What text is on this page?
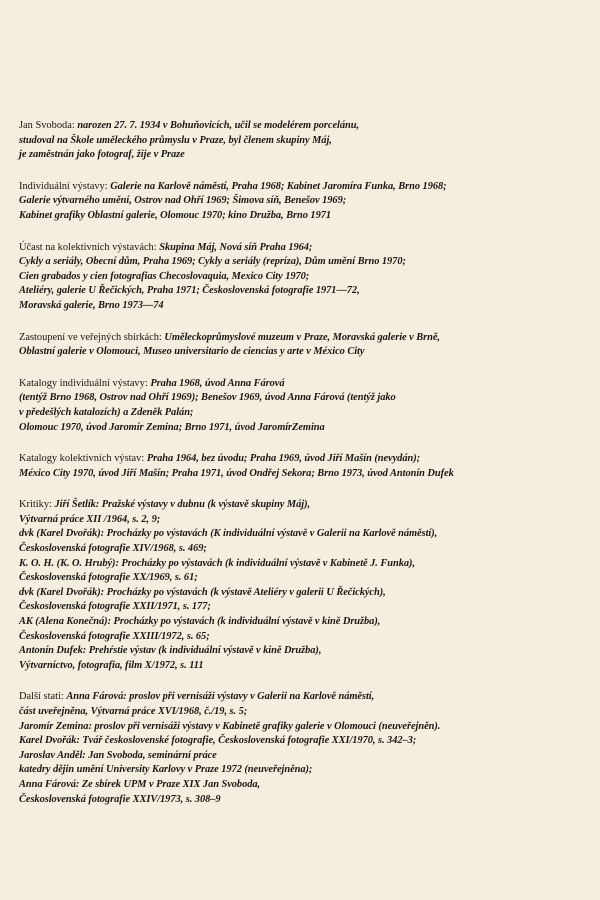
Jan Svoboda: narozen 27. 7. 1934 v Bohuňovicích, učil se modelérem porcelánu,
studoval na Škole uměleckého průmyslu v Praze, byl členem skupiny Máj,
je zaměstnán jako fotograf, žije v Praze
Individuální výstavy: Galerie na Karlově náměstí, Praha 1968; Kabinet Jaromíra Funka, Brno 1968;
Galerie výtvarného umění, Ostrov nad Ohří 1969; Šimova síň, Benešov 1969;
Kabinet grafiky Oblastní galerie, Olomouc 1970; kino Družba, Brno 1971
Účast na kolektivních výstavách: Skupina Máj, Nová síň Praha 1964;
Cykly a seriály, Obecní dům, Praha 1969; Cykly a seriály (repríza), Dům umění Brno 1970;
Cien grabados y cien fotografias Checoslovaquia, Mexico City 1970;
Ateliéry, galerie U Řečických, Praha 1971; Československá fotografie 1971—72,
Moravská galerie, Brno 1973—74
Zastoupení ve veřejných sbírkách: Uměleckoprůmyslové muzeum v Praze, Moravská galerie v Brně,
Oblastní galerie v Olomouci, Museo universitario de ciencias y arte v México City
Katalogy individuální výstavy: Praha 1968, úvod Anna Fárová
(tentýž Brno 1968, Ostrov nad Ohří 1969); Benešov 1969, úvod Anna Fárová (tentýž jako
v předešlých katalozích) a Zdeněk Palán;
Olomouc 1970, úvod Jaromír Zemina; Brno 1971, úvod JaromírZemina
Katalogy kolektivních výstav: Praha 1964, bez úvodu; Praha 1969, úvod Jiří Mašín (nevydán);
México City 1970, úvod Jiří Mašín; Praha 1971, úvod Ondřej Sekora; Brno 1973, úvod Antonín Dufek
Kritiky: Jiří Šetlík: Pražské výstavy v dubnu (k výstavě skupiny Máj),
Výtvarná práce XII /1964, s. 2, 9;
dvk (Karel Dvořák): Procházky po výstavách (K individuální výstavě v Galerii na Karlově náměstí),
Československá fotografie XIV/1968, s. 469;
K. O. H. (K. O. Hrubý): Procházky po výstavách (k individuální výstavě v Kabinetě J. Funka),
Československá fotografie XX/1969, s. 61;
dvk (Karel Dvořák): Procházky po výstavách (k výstavě Ateliéry v galerii U Řečických),
Československá fotografie XXII/1971, s. 177;
AK (Alena Konečná): Procházky po výstavách (k individuální výstavě v kině Družba),
Československá fotografie XXIII/1972, s. 65;
Antonín Dufek: Prehŕstie výstav (k individuální výstavě v kině Družba),
Výtvarníctvo, fotografia, film X/1972, s. 111
Další stati: Anna Fárová: proslov při vernisáži výstavy v Galerii na Karlově náměstí,
část uveřejněna, Výtvarná práce XVI/1968, č./19, s. 5;
Jaromír Zemina: proslov při vernisáži výstavy v Kabinetě grafiky galerie v Olomouci (neuveřejněn).
Karel Dvořák: Tvář československé fotografie, Československá fotografie XXI/1970, s. 342–3;
Jaroslav Anděl: Jan Svoboda, seminární práce
katedry dějin umění University Karlovy v Praze 1972 (neuveřejněna);
Anna Fárová: Ze sbírek UPM v Praze XIX Jan Svoboda,
Československá fotografie XXIV/1973, s. 308–9
